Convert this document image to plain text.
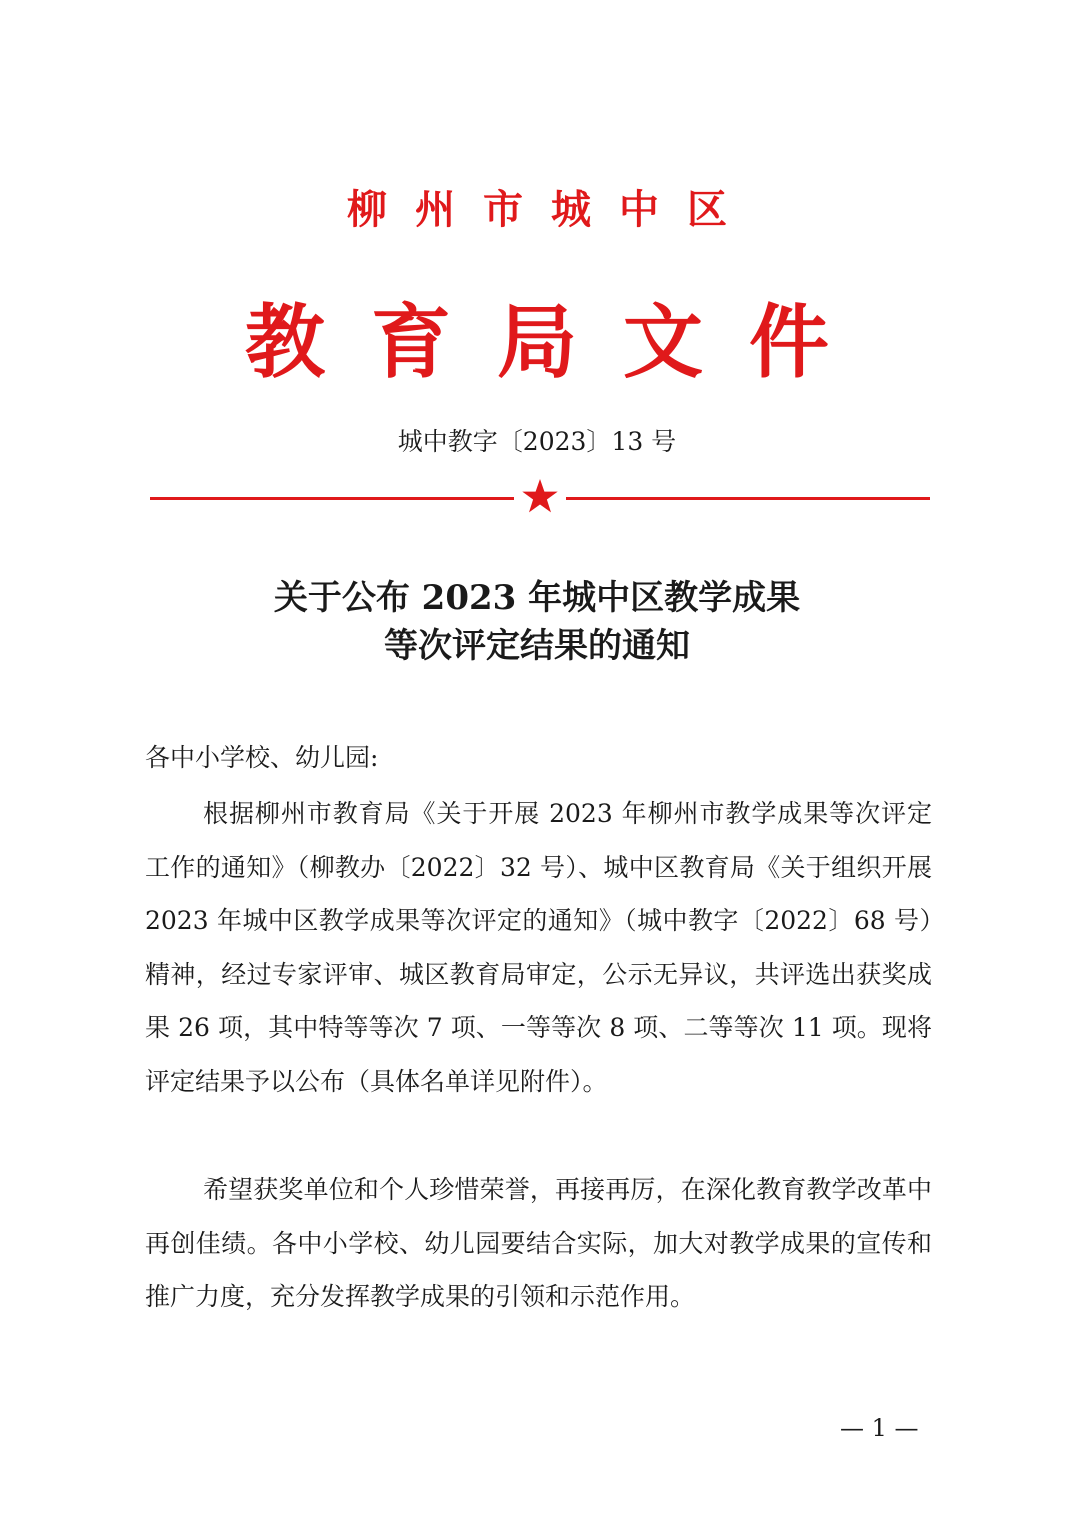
柳州市城中区
教育局文件
城中教字〔2023〕13 号
关于公布 2023 年城中区教学成果
等次评定结果的通知
各中小学校、幼儿园:
根据柳州市教育局《关于开展 2023 年柳州市教学成果等次评定工作的通知》（柳教办〔2022〕32 号）、城中区教育局《关于组织开展 2023 年城中区教学成果等次评定的通知》（城中教字〔2022〕68 号）精神，经过专家评审、城区教育局审定，公示无异议，共评选出获奖成果 26 项，其中特等等次 7 项、一等等次 8 项、二等等次 11 项。现将评定结果予以公布（具体名单详见附件）。
希望获奖单位和个人珍惜荣誉，再接再厉，在深化教育教学改革中再创佳绩。各中小学校、幼儿园要结合实际，加大对教学成果的宣传和推广力度，充分发挥教学成果的引领和示范作用。
— 1 —
